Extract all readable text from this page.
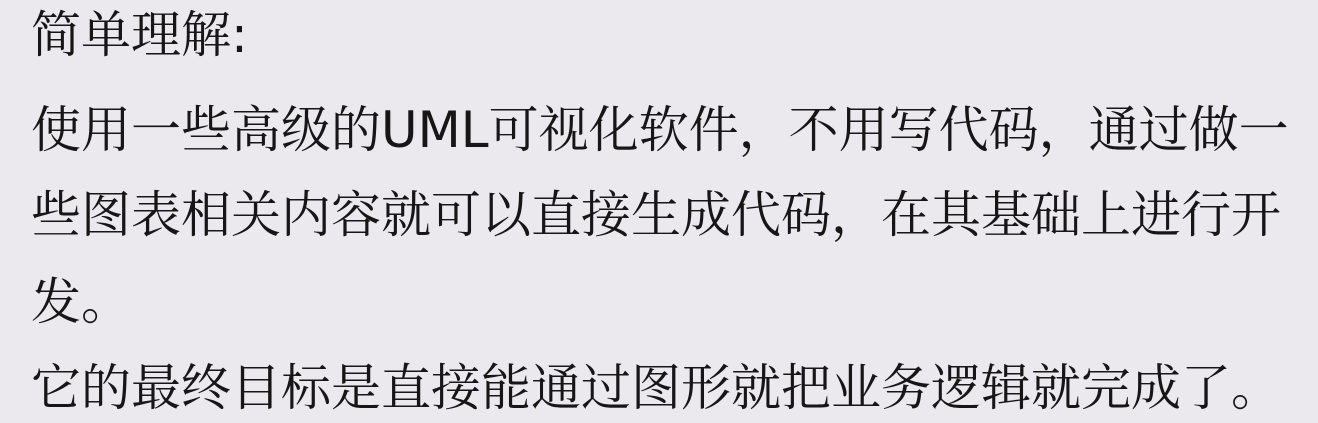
简单理解:
使用一些高级的UML可视化软件，不用写代码，通过做一
些图表相关内容就可以直接生成代码，在其基础上进行开
发。
它的最终目标是直接能通过图形就把业务逻辑就完成了。
